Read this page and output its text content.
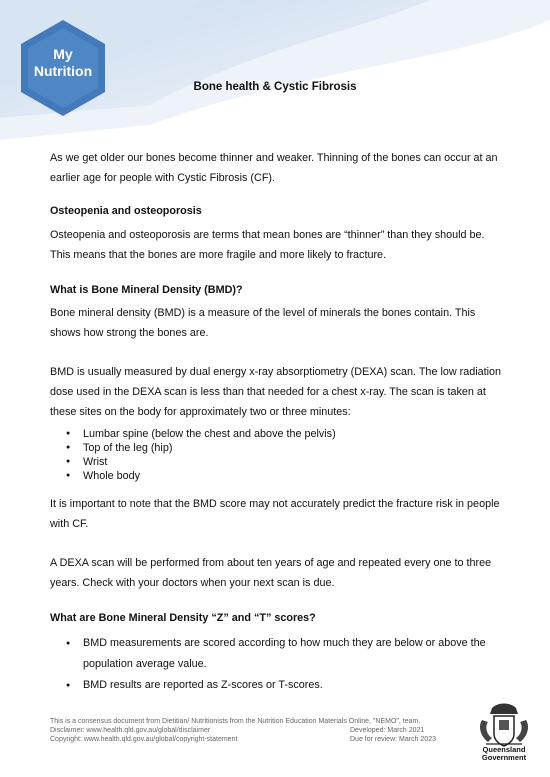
My
Nutrition
Bone health & Cystic Fibrosis

As we get older our bones become thinner and weaker. Thinning of the bones can occur at an earlier age for people with Cystic Fibrosis (CF).

Osteopenia and osteoporosis

Osteopenia and osteoporosis are terms that mean bones are “thinner” than they should be. This means that the bones are more fragile and more likely to fracture.

What is Bone Mineral Density (BMD)?

Bone mineral density (BMD) is a measure of the level of minerals the bones contain. This shows how strong the bones are.

BMD is usually measured by dual energy x-ray absorptiometry (DEXA) scan. The low radiation dose used in the DEXA scan is less than that needed for a chest x-ray. The scan is taken at these sites on the body for approximately two or three minutes:

● Lumbar spine (below the chest and above the pelvis)
● Top of the leg (hip)
● Wrist
● Whole body

It is important to note that the BMD score may not accurately predict the fracture risk in people with CF.

A DEXA scan will be performed from about ten years of age and repeated every one to three years. Check with your doctors when your next scan is due.

What are Bone Mineral Density “Z” and “T” scores?

● BMD measurements are scored according to how much they are below or above the population average value.
● BMD results are reported as Z-scores or T-scores.
This is a consensus document from Dietitian/ Nutritionists from the Nutrition Education Materials Online, "NEMO", team.
Disclaimer: www.health.qld.gov.au/global/disclaimer	Developed: March 2021
Copyright: www.health.qld.gov.au/global/copyright-statement	Due for review: March 2023
Queensland
Government
